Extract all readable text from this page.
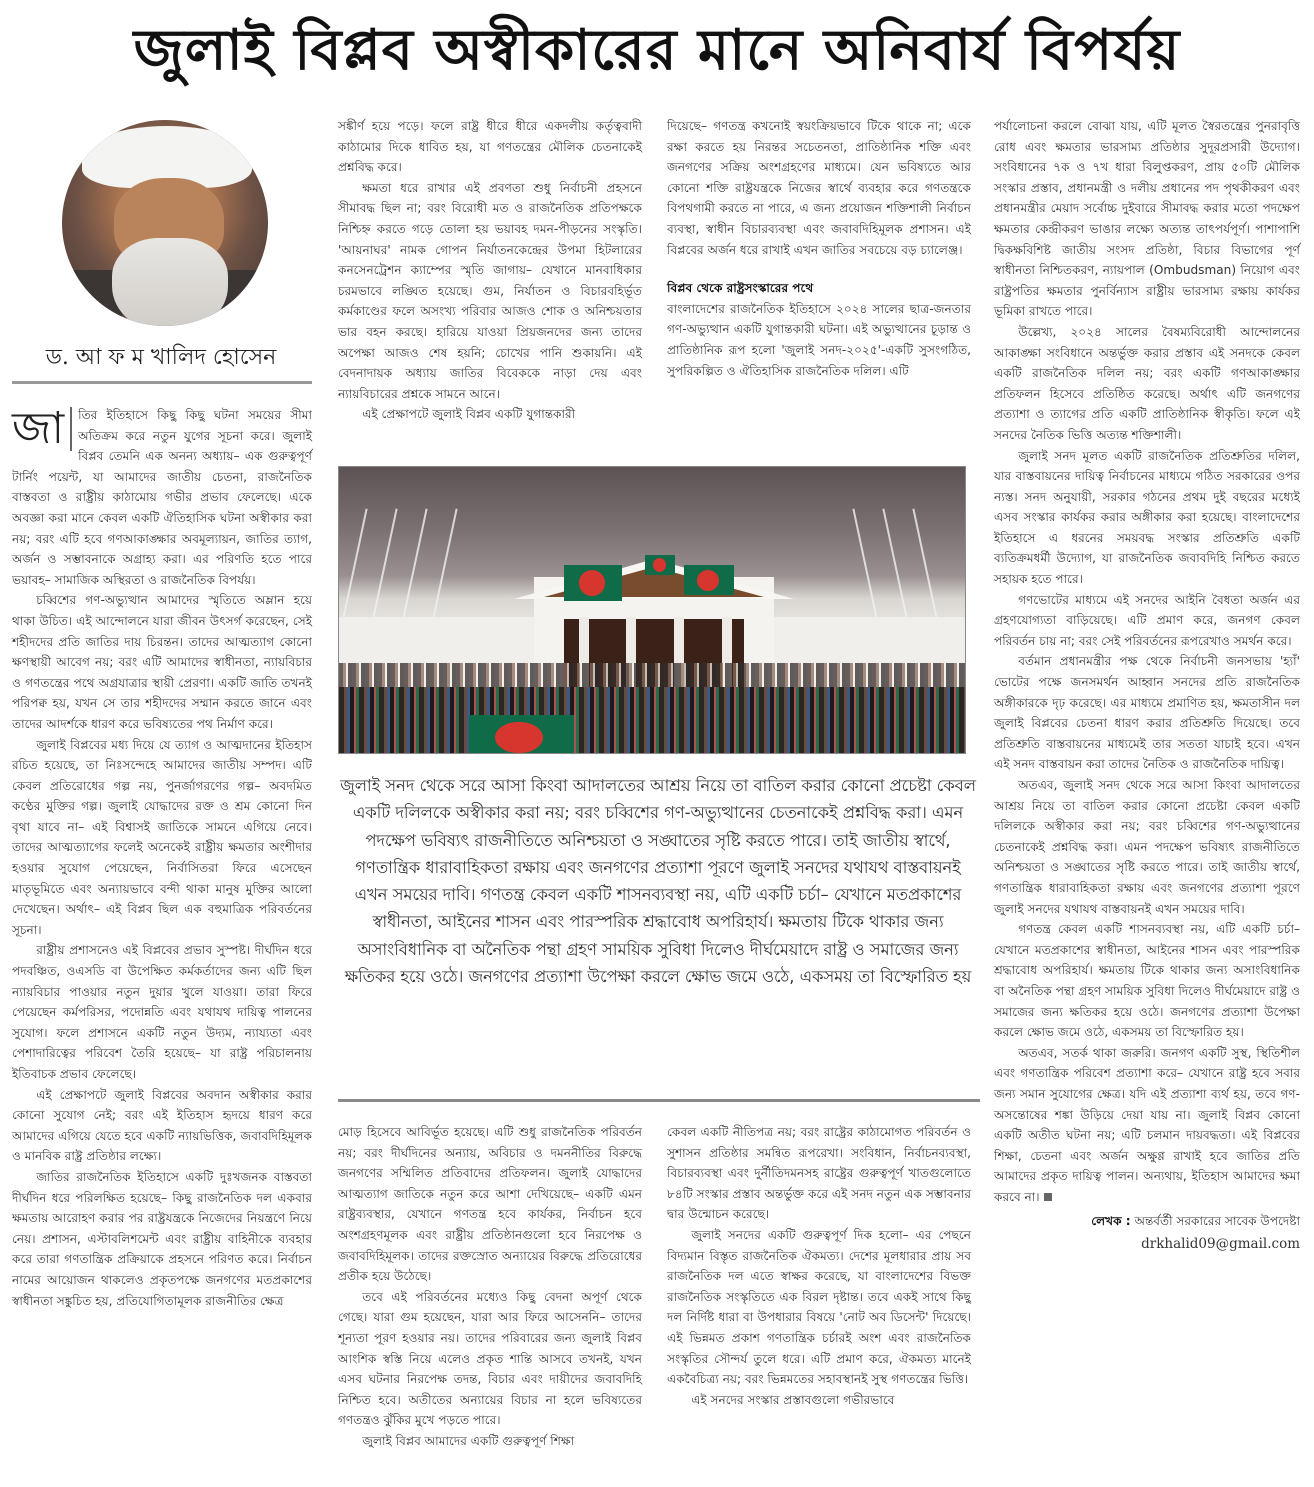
জুলাই বিপ্লব অস্বীকারের মানে অনিবার্য বিপর্যয়
ড. আ ফ ম খালিদ হোসেন

জা	তির ইতিহাসে কিছু কিছু ঘটনা সময়ের সীমা অতিক্রম করে নতুন যুগের সূচনা করে। জুলাই বিপ্লব তেমনি এক অনন্য অধ্যায়– এক গুরুত্বপূর্ণ টার্নিং পয়েন্ট, যা আমাদের জাতীয় চেতনা, রাজনৈতিক বাস্তবতা ও রাষ্ট্রীয় কাঠামোয় গভীর প্রভাব ফেলেছে। একে অবজ্ঞা করা মানে কেবল একটি ঐতিহাসিক ঘটনা অস্বীকার করা নয়; বরং এটি হবে গণআকাঙ্ক্ষার অবমূল্যায়ন, জাতির ত্যাগ, অর্জন ও সম্ভাবনাকে অগ্রাহ্য করা। এর পরিণতি হতে পারে ভয়াবহ– সামাজিক অস্থিরতা ও রাজনৈতিক বিপর্যয়।

চব্বিশের গণ-অভ্যুত্থান আমাদের স্মৃতিতে অম্লান হয়ে থাকা উচিত। এই আন্দোলনে যারা জীবন উৎসর্গ করেছেন, সেই শহীদদের প্রতি জাতির দায় চিরন্তন। তাদের আত্মত্যাগ কোনো ক্ষণস্থায়ী আবেগ নয়; বরং এটি আমাদের স্বাধীনতা, ন্যায়বিচার ও গণতন্ত্রের পথে অগ্রযাত্রার স্থায়ী প্রেরণা। একটি জাতি তখনই পরিপক্ব হয়, যখন সে তার শহীদদের সম্মান করতে জানে এবং তাদের আদর্শকে ধারণ করে ভবিষ্যতের পথ নির্মাণ করে।

জুলাই বিপ্লবের মধ্য দিয়ে যে ত্যাগ ও আত্মদানের ইতিহাস রচিত হয়েছে, তা নিঃসন্দেহে আমাদের জাতীয় সম্পদ। এটি কেবল প্রতিরোধের গল্প নয়, পুনর্জাগরণের গল্প– অবদমিত কণ্ঠের মুক্তির গল্প। জুলাই যোদ্ধাদের রক্ত ও শ্রম কোনো দিন বৃথা যাবে না– এই বিশ্বাসই জাতিকে সামনে এগিয়ে নেবে। তাদের আত্মত্যাগের ফলেই অনেকেই রাষ্ট্রীয় ক্ষমতার অংশীদার হওয়ার সুযোগ পেয়েছেন, নির্বাসিতরা ফিরে এসেছেন মাতৃভূমিতে এবং অন্যায়ভাবে বন্দী থাকা মানুষ মুক্তির আলো দেখেছেন। অর্থাৎ– এই বিপ্লব ছিল এক বহুমাত্রিক পরিবর্তনের সূচনা।

রাষ্ট্রীয় প্রশাসনেও এই বিপ্লবের প্রভাব সুস্পষ্ট। দীর্ঘদিন ধরে পদবঞ্চিত, ওএসডি বা উপেক্ষিত কর্মকর্তাদের জন্য এটি ছিল ন্যায়বিচার পাওয়ার নতুন দুয়ার খুলে যাওয়া। তারা ফিরে পেয়েছেন কর্মপরিসর, পদোন্নতি এবং যথাযথ দায়িত্ব পালনের সুযোগ। ফলে প্রশাসনে একটি নতুন উদ্যম, ন্যায্যতা এবং পেশাদারিত্বের পরিবেশ তৈরি হয়েছে– যা রাষ্ট্র পরিচালনায় ইতিবাচক প্রভাব ফেলেছে।

এই প্রেক্ষাপটে জুলাই বিপ্লবের অবদান অস্বীকার করার কোনো সুযোগ নেই; বরং এই ইতিহাস হৃদয়ে ধারণ করে আমাদের এগিয়ে যেতে হবে একটি ন্যায়ভিত্তিক, জবাবদিহিমূলক ও মানবিক রাষ্ট্র প্রতিষ্ঠার লক্ষ্যে।

জাতির রাজনৈতিক ইতিহাসে একটি দুঃখজনক বাস্তবতা দীর্ঘদিন ধরে পরিলক্ষিত হয়েছে– কিছু রাজনৈতিক দল একবার ক্ষমতায় আরোহণ করার পর রাষ্ট্রযন্ত্রকে নিজেদের নিয়ন্ত্রণে নিয়ে নেয়। প্রশাসন, এস্টাবলিশমেন্ট এবং রাষ্ট্রীয় বাহিনীকে ব্যবহার করে তারা গণতান্ত্রিক প্রক্রিয়াকে প্রহসনে পরিণত করে। নির্বাচন নামের আয়োজন থাকলেও প্রকৃতপক্ষে জনগণের মতপ্রকাশের স্বাধীনতা সঙ্কুচিত হয়, প্রতিযোগিতামূলক রাজনীতির ক্ষেত্র

সঙ্কীর্ণ হয়ে পড়ে। ফলে রাষ্ট্র ধীরে ধীরে একদলীয় কর্তৃত্ববাদী কাঠামোর দিকে ধাবিত হয়, যা গণতন্ত্রের মৌলিক চেতনাকেই প্রশ্নবিদ্ধ করে।

ক্ষমতা ধরে রাখার এই প্রবণতা শুধু নির্বাচনী প্রহসনে সীমাবদ্ধ ছিল না; বরং বিরোধী মত ও রাজনৈতিক প্রতিপক্ষকে নিশ্চিহ্ন করতে গড়ে তোলা হয় ভয়াবহ দমন-পীড়নের সংস্কৃতি। 'আয়নাঘর' নামক গোপন নির্যাতনকেন্দ্রের উপমা হিটলারের কনসেনট্রেশন ক্যাম্পের স্মৃতি জাগায়– যেখানে মানবাধিকার চরমভাবে লঙ্ঘিত হয়েছে। গুম, নির্যাতন ও বিচারবহির্ভূত কর্মকাণ্ডের ফলে অসংখ্য পরিবার আজও শোক ও অনিশ্চয়তার ভার বহন করছে। হারিয়ে যাওয়া প্রিয়জনদের জন্য তাদের অপেক্ষা আজও শেষ হয়নি; চোখের পানি শুকায়নি। এই বেদনাদায়ক অধ্যায় জাতির বিবেককে নাড়া দেয় এবং ন্যায়বিচারের প্রশ্নকে সামনে আনে।

এই প্রেক্ষাপটে জুলাই বিপ্লব একটি যুগান্তকারী

দিয়েছে– গণতন্ত্র কখনোই স্বয়ংক্রিয়ভাবে টিকে থাকে না; একে রক্ষা করতে হয় নিরন্তর সচেতনতা, প্রাতিষ্ঠানিক শক্তি এবং জনগণের সক্রিয় অংশগ্রহণের মাধ্যমে। যেন ভবিষ্যতে আর কোনো শক্তি রাষ্ট্রযন্ত্রকে নিজের স্বার্থে ব্যবহার করে গণতন্ত্রকে বিপথগামী করতে না পারে, এ জন্য প্রয়োজন শক্তিশালী নির্বাচন ব্যবস্থা, স্বাধীন বিচারব্যবস্থা এবং জবাবদিহিমূলক প্রশাসন। এই বিপ্লবের অর্জন ধরে রাখাই এখন জাতির সবচেয়ে বড় চ্যালেঞ্জ।

বিপ্লব থেকে রাষ্ট্রসংস্কারের পথে

বাংলাদেশের রাজনৈতিক ইতিহাসে ২০২৪ সালের ছাত্র-জনতার গণ-অভ্যুত্থান একটি যুগান্তকারী ঘটনা। এই অভ্যুত্থানের চূড়ান্ত ও প্রাতিষ্ঠানিক রূপ হলো 'জুলাই সনদ-২০২৫'-একটি সুসংগঠিত, সুপরিকল্পিত ও ঐতিহাসিক রাজনৈতিক দলিল। এটি

পর্যালোচনা করলে বোঝা যায়, এটি মূলত স্বৈরতন্ত্রের পুনরাবৃত্তি রোধ এবং ক্ষমতার ভারসাম্য প্রতিষ্ঠার সুদূরপ্রসারী উদ্যোগ। সংবিধানের ৭ক ও ৭খ ধারা বিলুপ্তকরণ, প্রায় ৫০টি মৌলিক সংস্কার প্রস্তাব, প্রধানমন্ত্রী ও দলীয় প্রধানের পদ পৃথকীকরণ এবং প্রধানমন্ত্রীর মেয়াদ সর্বোচ্চ দুইবারে সীমাবদ্ধ করার মতো পদক্ষেপ ক্ষমতার কেন্দ্রীকরণ ভাঙার লক্ষ্যে অত্যন্ত তাৎপর্যপূর্ণ। পাশাপাশি দ্বিকক্ষবিশিষ্ট জাতীয় সংসদ প্রতিষ্ঠা, বিচার বিভাগের পূর্ণ স্বাধীনতা নিশ্চিতকরণ, ন্যায়পাল (Ombudsman) নিয়োগ এবং রাষ্ট্রপতির ক্ষমতার পুনর্বিন্যাস রাষ্ট্রীয় ভারসাম্য রক্ষায় কার্যকর ভূমিকা রাখতে পারে।

উল্লেখ্য, ২০২৪ সালের বৈষম্যবিরোধী আন্দোলনের আকাঙ্ক্ষা সংবিধানে অন্তর্ভুক্ত করার প্রস্তাব এই সনদকে কেবল একটি রাজনৈতিক দলিল নয়; বরং একটি গণআকাঙ্ক্ষার প্রতিফলন হিসেবে প্রতিষ্ঠিত করেছে। অর্থাৎ এটি জনগণের প্রত্যাশা ও ত্যাগের প্রতি একটি প্রাতিষ্ঠানিক স্বীকৃতি। ফলে এই সনদের নৈতিক ভিত্তি অত্যন্ত শক্তিশালী।

জুলাই সনদ মূলত একটি রাজনৈতিক প্রতিশ্রুতির দলিল, যার বাস্তবায়নের দায়িত্ব নির্বাচনের মাধ্যমে গঠিত সরকারের ওপর ন্যস্ত। সনদ অনুযায়ী, সরকার গঠনের প্রথম দুই বছরের মধ্যেই এসব সংস্কার কার্যকর করার অঙ্গীকার করা হয়েছে। বাংলাদেশের ইতিহাসে এ ধরনের সময়বদ্ধ সংস্কার প্রতিশ্রুতি একটি ব্যতিক্রমধর্মী উদ্যোগ, যা রাজনৈতিক জবাবদিহি নিশ্চিত করতে সহায়ক হতে পারে।

গণভোটের মাধ্যমে এই সনদের আইনি বৈধতা অর্জন এর গ্রহণযোগ্যতা বাড়িয়েছে। এটি প্রমাণ করে, জনগণ কেবল পরিবর্তন চায় না; বরং সেই পরিবর্তনের রূপরেখাও সমর্থন করে।

বর্তমান প্রধানমন্ত্রীর পক্ষ থেকে নির্বাচনী জনসভায় 'হ্যাঁ' ভোটের পক্ষে জনসমর্থন আহ্বান সনদের প্রতি রাজনৈতিক অঙ্গীকারকে দৃঢ় করেছে। এর মাধ্যমে প্রমাণিত হয়, ক্ষমতাসীন দল জুলাই বিপ্লবের চেতনা ধারণ করার প্রতিশ্রুতি দিয়েছে। তবে প্রতিশ্রুতি বাস্তবায়নের মাধ্যমেই তার সততা যাচাই হবে। এখন এই সনদ বাস্তবায়ন করা তাদের নৈতিক ও রাজনৈতিক দায়িত্ব।

অতএব, জুলাই সনদ থেকে সরে আসা কিংবা আদালতের আশ্রয় নিয়ে তা বাতিল করার কোনো প্রচেষ্টা কেবল একটি দলিলকে অস্বীকার করা নয়; বরং চব্বিশের গণ-অভ্যুত্থানের চেতনাকেই প্রশ্নবিদ্ধ করা। এমন পদক্ষেপ ভবিষ্যৎ রাজনীতিতে অনিশ্চয়তা ও সঙ্ঘাতের সৃষ্টি করতে পারে। তাই জাতীয় স্বার্থে, গণতান্ত্রিক ধারাবাহিকতা রক্ষায় এবং জনগণের প্রত্যাশা পূরণে জুলাই সনদের যথাযথ বাস্তবায়নই এখন সময়ের দাবি।

গণতন্ত্র কেবল একটি শাসনব্যবস্থা নয়, এটি একটি চর্চা– যেখানে মতপ্রকাশের স্বাধীনতা, আইনের শাসন এবং পারস্পরিক শ্রদ্ধাবোধ অপরিহার্য। ক্ষমতায় টিকে থাকার জন্য অসাংবিধানিক বা অনৈতিক পন্থা গ্রহণ সাময়িক সুবিধা দিলেও দীর্ঘমেয়াদে রাষ্ট্র ও সমাজের জন্য ক্ষতিকর হয়ে ওঠে। জনগণের প্রত্যাশা উপেক্ষা করলে ক্ষোভ জমে ওঠে, একসময় তা বিস্ফোরিত হয়।

অতএব, সতর্ক থাকা জরুরি। জনগণ একটি সুস্থ, স্থিতিশীল এবং গণতান্ত্রিক পরিবেশ প্রত্যাশা করে– যেখানে রাষ্ট্র হবে সবার জন্য সমান সুযোগের ক্ষেত্র। যদি এই প্রত্যাশা ব্যর্থ হয়, তবে গণ-অসন্তোষের শঙ্কা উড়িয়ে দেয়া যায় না। জুলাই বিপ্লব কোনো একটি অতীত ঘটনা নয়; এটি চলমান দায়বদ্ধতা। এই বিপ্লবের শিক্ষা, চেতনা এবং অর্জন অক্ষুণ্ণ রাখাই হবে জাতির প্রতি আমাদের প্রকৃত দায়িত্ব পালন। অন্যথায়, ইতিহাস আমাদের ক্ষমা করবে না।

লেখক : অন্তর্বর্তী সরকারের সাবেক উপদেষ্টা

drkhalid09@gmail.com

জুলাই সনদ থেকে সরে আসা কিংবা আদালতের আশ্রয় নিয়ে তা বাতিল করার কোনো প্রচেষ্টা কেবল একটি দলিলকে অস্বীকার করা নয়; বরং চব্বিশের গণ-অভ্যুত্থানের চেতনাকেই প্রশ্নবিদ্ধ করা। এমন পদক্ষেপ ভবিষ্যৎ রাজনীতিতে অনিশ্চয়তা ও সঙ্ঘাতের সৃষ্টি করতে পারে। তাই জাতীয় স্বার্থে, গণতান্ত্রিক ধারাবাহিকতা রক্ষায় এবং জনগণের প্রত্যাশা পূরণে জুলাই সনদের যথাযথ বাস্তবায়নই এখন সময়ের দাবি। গণতন্ত্র কেবল একটি শাসনব্যবস্থা নয়, এটি একটি চর্চা– যেখানে মতপ্রকাশের স্বাধীনতা, আইনের শাসন এবং পারস্পরিক শ্রদ্ধাবোধ অপরিহার্য। ক্ষমতায় টিকে থাকার জন্য অসাংবিধানিক বা অনৈতিক পন্থা গ্রহণ সাময়িক সুবিধা দিলেও দীর্ঘমেয়াদে রাষ্ট্র ও সমাজের জন্য ক্ষতিকর হয়ে ওঠে। জনগণের প্রত্যাশা উপেক্ষা করলে ক্ষোভ জমে ওঠে, একসময় তা বিস্ফোরিত হয়

মোড় হিসেবে আবির্ভূত হয়েছে। এটি শুধু রাজনৈতিক পরিবর্তন নয়; বরং দীর্ঘদিনের অন্যায়, অবিচার ও দমননীতির বিরুদ্ধে জনগণের সম্মিলিত প্রতিবাদের প্রতিফলন। জুলাই যোদ্ধাদের আত্মত্যাগ জাতিকে নতুন করে আশা দেখিয়েছে– একটি এমন রাষ্ট্রব্যবস্থার, যেখানে গণতন্ত্র হবে কার্যকর, নির্বাচন হবে অংশগ্রহণমূলক এবং রাষ্ট্রীয় প্রতিষ্ঠানগুলো হবে নিরপেক্ষ ও জবাবদিহিমূলক। তাদের রক্তস্রোত অন্যায়ের বিরুদ্ধে প্রতিরোধের প্রতীক হয়ে উঠেছে।

তবে এই পরিবর্তনের মধ্যেও কিছু বেদনা অপূর্ণ থেকে গেছে। যারা গুম হয়েছেন, যারা আর ফিরে আসেননি– তাদের শূন্যতা পূরণ হওয়ার নয়। তাদের পরিবারের জন্য জুলাই বিপ্লব আংশিক স্বস্তি নিয়ে এলেও প্রকৃত শান্তি আসবে তখনই, যখন এসব ঘটনার নিরপেক্ষ তদন্ত, বিচার এবং দায়ীদের জবাবদিহি নিশ্চিত হবে। অতীতের অন্যায়ের বিচার না হলে ভবিষ্যতের গণতন্ত্রও ঝুঁকির মুখে পড়তে পারে।

জুলাই বিপ্লব আমাদের একটি গুরুত্বপূর্ণ শিক্ষা

কেবল একটি নীতিপত্র নয়; বরং রাষ্ট্রের কাঠামোগত পরিবর্তন ও সুশাসন প্রতিষ্ঠার সমন্বিত রূপরেখা। সংবিধান, নির্বাচনব্যবস্থা, বিচারব্যবস্থা এবং দুর্নীতিদমনসহ রাষ্ট্রের গুরুত্বপূর্ণ খাতগুলোতে ৮৪টি সংস্কার প্রস্তাব অন্তর্ভুক্ত করে এই সনদ নতুন এক সম্ভাবনার দ্বার উন্মোচন করেছে।

জুলাই সনদের একটি গুরুত্বপূর্ণ দিক হলো– এর পেছনে বিদ্যমান বিস্তৃত রাজনৈতিক ঐকমত্য। দেশের মূলধারার প্রায় সব রাজনৈতিক দল এতে স্বাক্ষর করেছে, যা বাংলাদেশের বিভক্ত রাজনৈতিক সংস্কৃতিতে এক বিরল দৃষ্টান্ত। তবে একই সাথে কিছু দল নির্দিষ্ট ধারা বা উপধারার বিষয়ে 'নোট অব ডিসেন্ট' দিয়েছে। এই ভিন্নমত প্রকাশ গণতান্ত্রিক চর্চারই অংশ এবং রাজনৈতিক সংস্কৃতির সৌন্দর্য তুলে ধরে। এটি প্রমাণ করে, ঐকমত্য মানেই একবৈচিত্র্য নয়; বরং ভিন্নমতের সহাবস্থানই সুস্থ গণতন্ত্রের ভিত্তি।

এই সনদের সংস্কার প্রস্তাবগুলো গভীরভাবে
